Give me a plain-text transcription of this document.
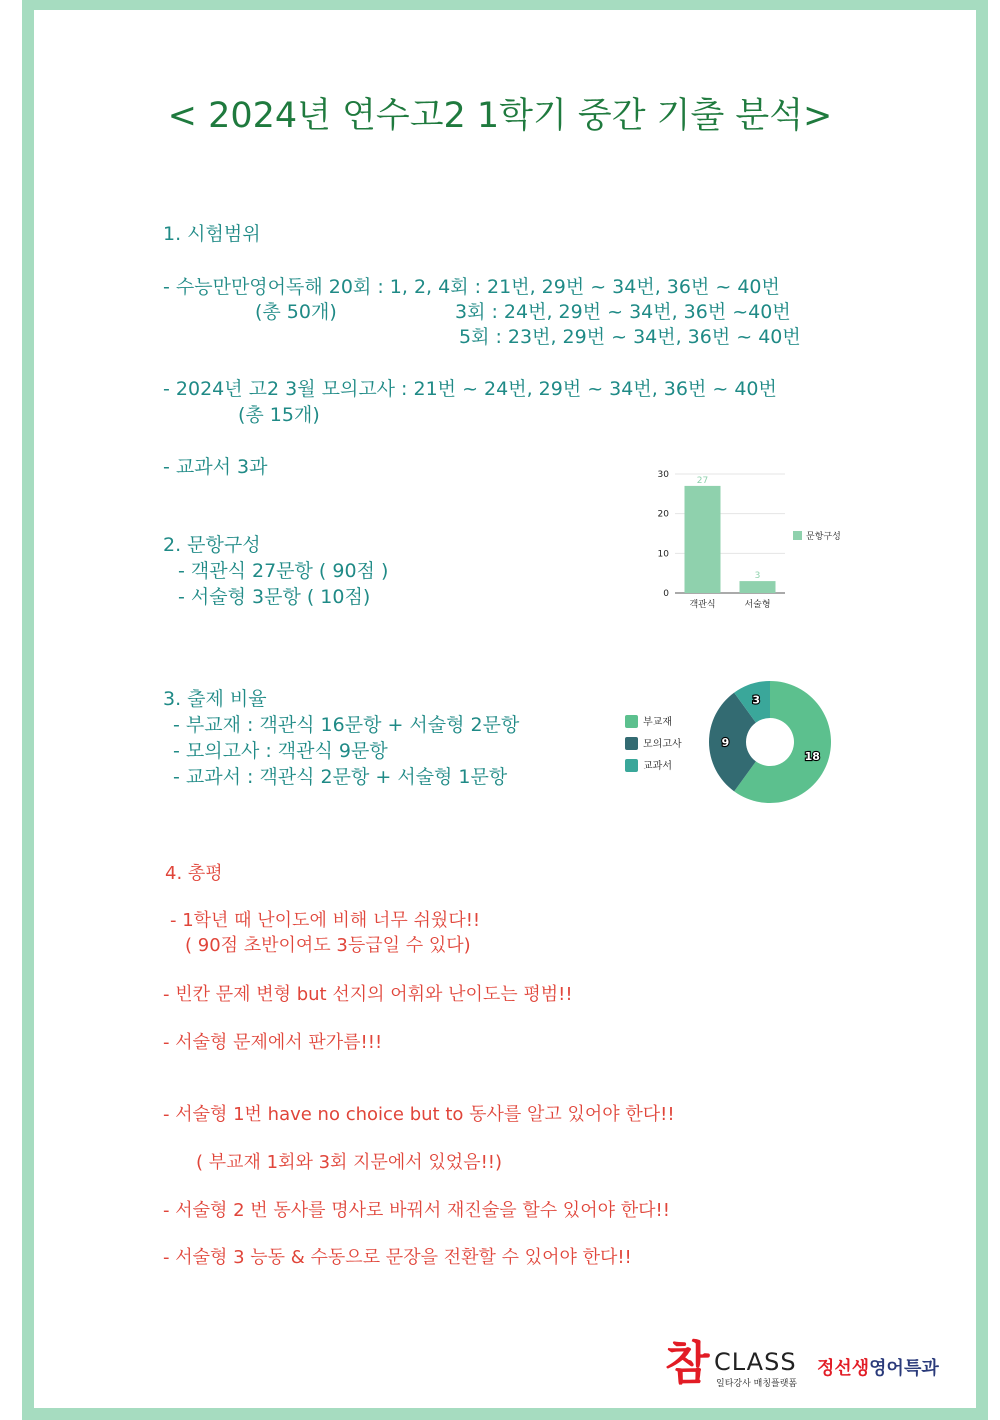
< 2024년 연수고2 1학기 중간 기출 분석>
1. 시험범위
- 수능만만영어독해 20회 : 1, 2, 4회 : 21번, 29번 ~ 34번, 36번 ~ 40번
(총 50개)	3회 : 24번, 29번 ~ 34번, 36번 ~40번
5회 : 23번, 29번 ~ 34번, 36번 ~ 40번
- 2024년 고2 3월 모의고사 : 21번 ~ 24번, 29번 ~ 34번, 36번 ~ 40번
(총 15개)
- 교과서 3과
2. 문항구성
- 객관식 27문항 ( 90점 )
- 서술형 3문항 ( 10점)	0
10
20
30
27
객관식
3
서술형
문항구성
3. 출제 비율
- 부교재 : 객관식 16문항 + 서술형 2문항
- 모의고사 : 객관식 9문항
- 교과서 : 객관식 2문항 + 서술형 1문항
18
9
3
부교재
모의고사
교과서
4. 총평
- 1학년 때 난이도에 비해 너무 쉬웠다!!
( 90점 초반이여도 3등급일 수 있다)
- 빈칸 문제 변형 but 선지의 어휘와 난이도는 평범!!
- 서술형 문제에서 판가름!!!
- 서술형 1번 have no choice but to 동사를 알고 있어야 한다!!
( 부교재 1회와 3회 지문에서 있었음!!)
- 서술형 2 번 동사를 명사로 바꿔서 재진술을 할수 있어야 한다!!
- 서술형 3 능동 & 수동으로 문장을 전환할 수 있어야 한다!!
참 CLASS
일타강사 매칭플랫폼
정선생영어특과
